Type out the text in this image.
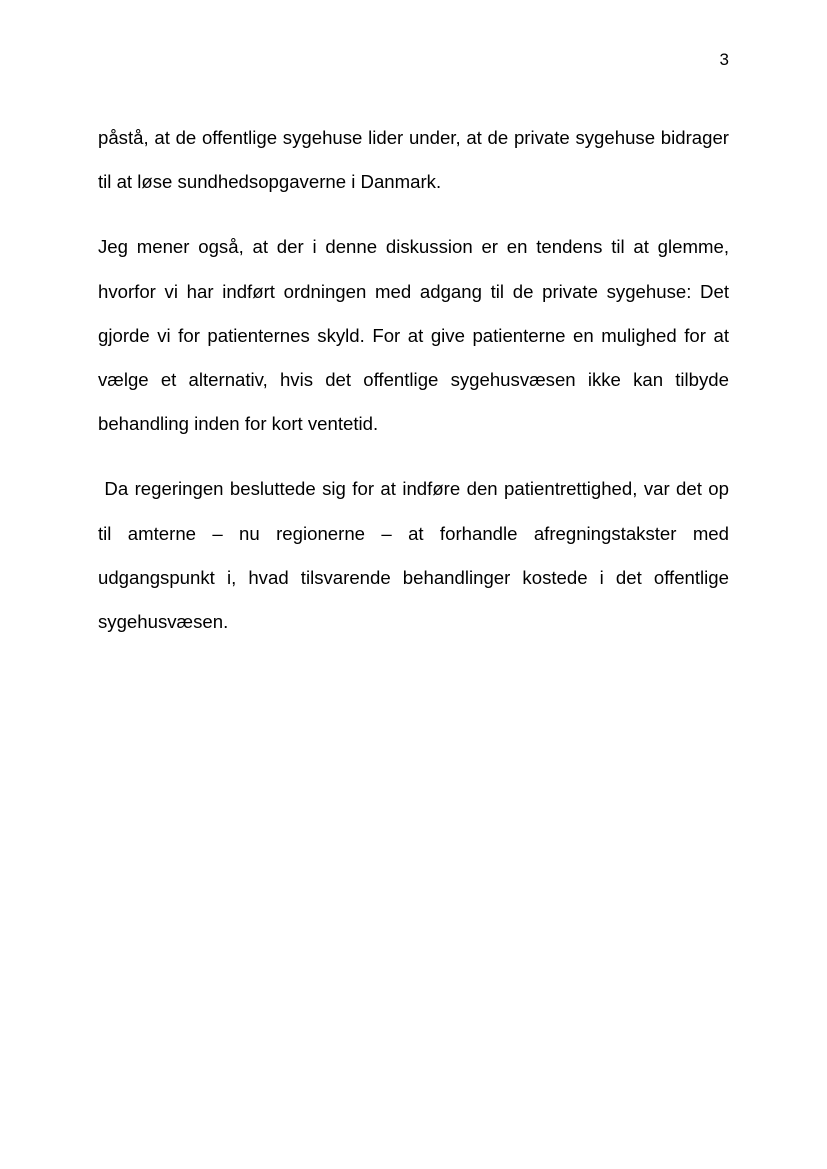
3

påstå, at de offentlige sygehuse lider under, at de private sygehuse bidrager til at løse sundhedsopgaverne i Danmark.

Jeg mener også, at der i denne diskussion er en tendens til at glemme, hvorfor vi har indført ordningen med adgang til de private sygehuse: Det gjorde vi for patienternes skyld. For at give patienterne en mulighed for at vælge et alternativ, hvis det offentlige sygehusvæsen ikke kan tilbyde behandling inden for kort ventetid.

Da regeringen besluttede sig for at indføre den patientrettighed, var det op til amterne – nu regionerne – at forhandle afregningstakster med udgangspunkt i, hvad tilsvarende behandlinger kostede i det offentlige sygehusvæsen.
